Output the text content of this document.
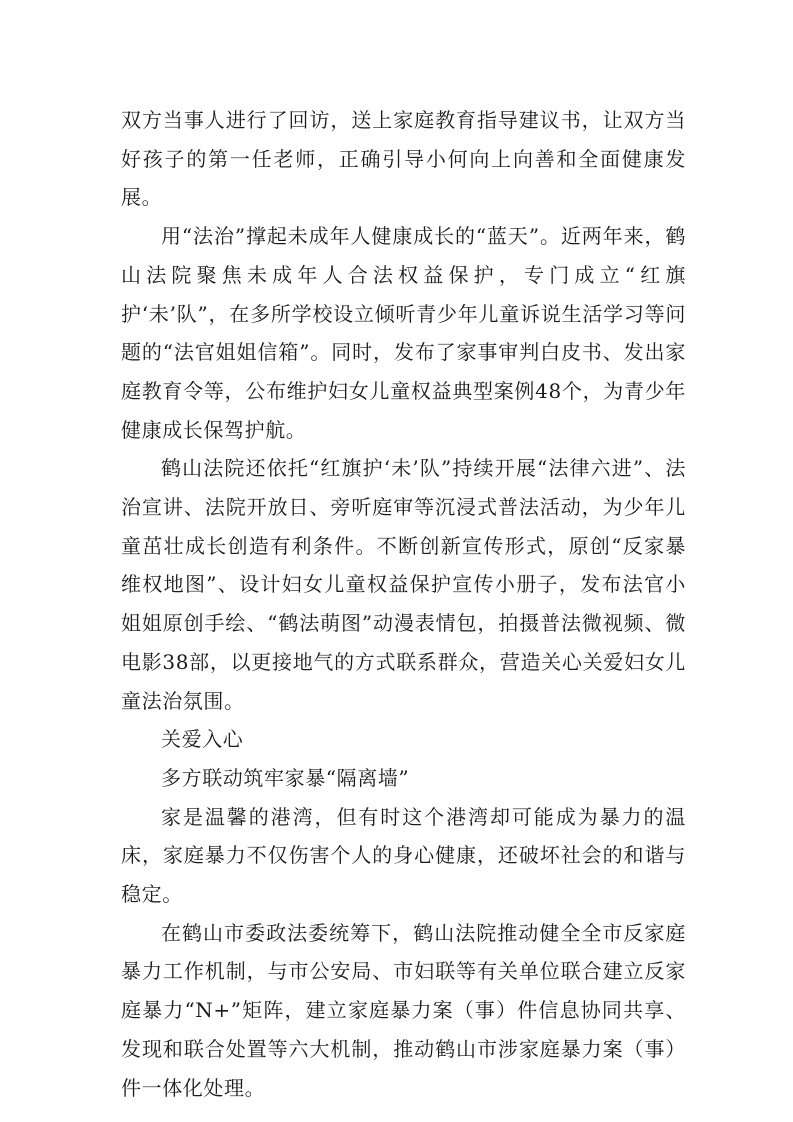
双方当事人进行了回访，送上家庭教育指导建议书，让双方当好孩子的第一任老师，正确引导小何向上向善和全面健康发展。

用“法治”撑起未成年人健康成长的“蓝天”。近两年来，鹤山法院聚焦未成年人合法权益保护，专门成立“红旗护‘未’队”，在多所学校设立倾听青少年儿童诉说生活学习等问题的“法官姐姐信箱”。同时，发布了家事审判白皮书、发出家庭教育令等，公布维护妇女儿童权益典型案例48个，为青少年健康成长保驾护航。

鹤山法院还依托“红旗护‘未’队”持续开展“法律六进”、法治宣讲、法院开放日、旁听庭审等沉浸式普法活动，为少年儿童茁壮成长创造有利条件。不断创新宣传形式，原创“反家暴维权地图”、设计妇女儿童权益保护宣传小册子，发布法官小姐姐原创手绘、“鹤法萌图”动漫表情包，拍摄普法微视频、微电影38部，以更接地气的方式联系群众，营造关心关爱妇女儿童法治氛围。

关爱入心

多方联动筑牢家暴“隔离墙”

家是温馨的港湾，但有时这个港湾却可能成为暴力的温床，家庭暴力不仅伤害个人的身心健康，还破坏社会的和谐与稳定。

在鹤山市委政法委统筹下，鹤山法院推动健全全市反家庭暴力工作机制，与市公安局、市妇联等有关单位联合建立反家庭暴力“N+”矩阵，建立家庭暴力案（事）件信息协同共享、发现和联合处置等六大机制，推动鹤山市涉家庭暴力案（事）件一体化处理。
